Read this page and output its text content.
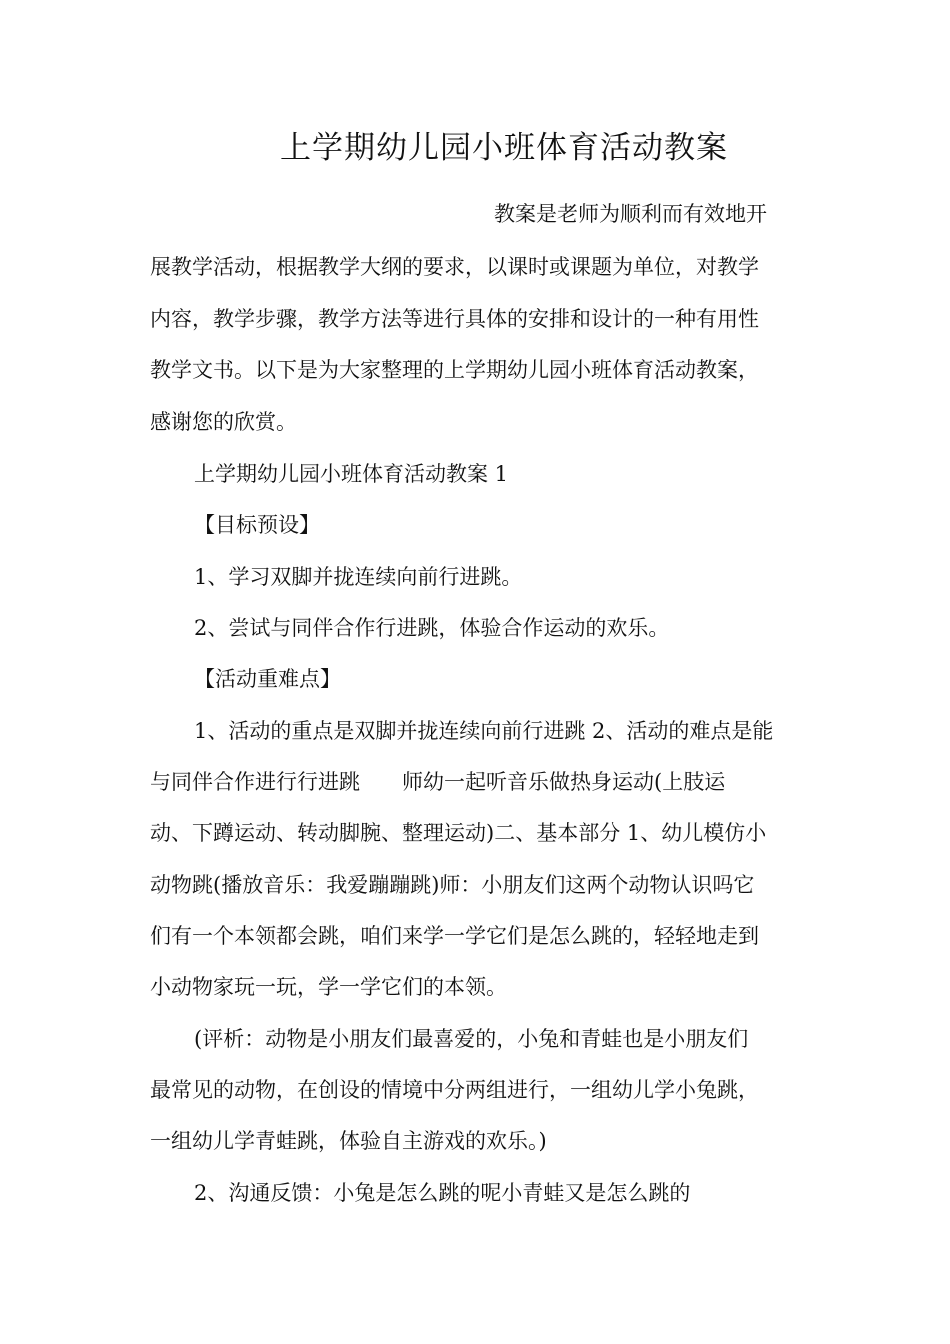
上学期幼儿园小班体育活动教案
教案是老师为顺利而有效地开
展教学活动，根据教学大纲的要求，以课时或课题为单位，对教学
内容，教学步骤，教学方法等进行具体的安排和设计的一种有用性
教学文书。以下是为大家整理的上学期幼儿园小班体育活动教案，
感谢您的欣赏。
上学期幼儿园小班体育活动教案 1
【目标预设】
1、学习双脚并拢连续向前行进跳。
2、尝试与同伴合作行进跳，体验合作运动的欢乐。
【活动重难点】
1、活动的重点是双脚并拢连续向前行进跳 2、活动的难点是能
与同伴合作进行行进跳　　师幼一起听音乐做热身运动(上肢运
动、下蹲运动、转动脚腕、整理运动)二、基本部分 1、幼儿模仿小
动物跳(播放音乐：我爱蹦蹦跳)师：小朋友们这两个动物认识吗它
们有一个本领都会跳，咱们来学一学它们是怎么跳的，轻轻地走到
小动物家玩一玩，学一学它们的本领。
(评析：动物是小朋友们最喜爱的，小兔和青蛙也是小朋友们
最常见的动物，在创设的情境中分两组进行，一组幼儿学小兔跳，
一组幼儿学青蛙跳，体验自主游戏的欢乐。)
2、沟通反馈：小兔是怎么跳的呢小青蛙又是怎么跳的
